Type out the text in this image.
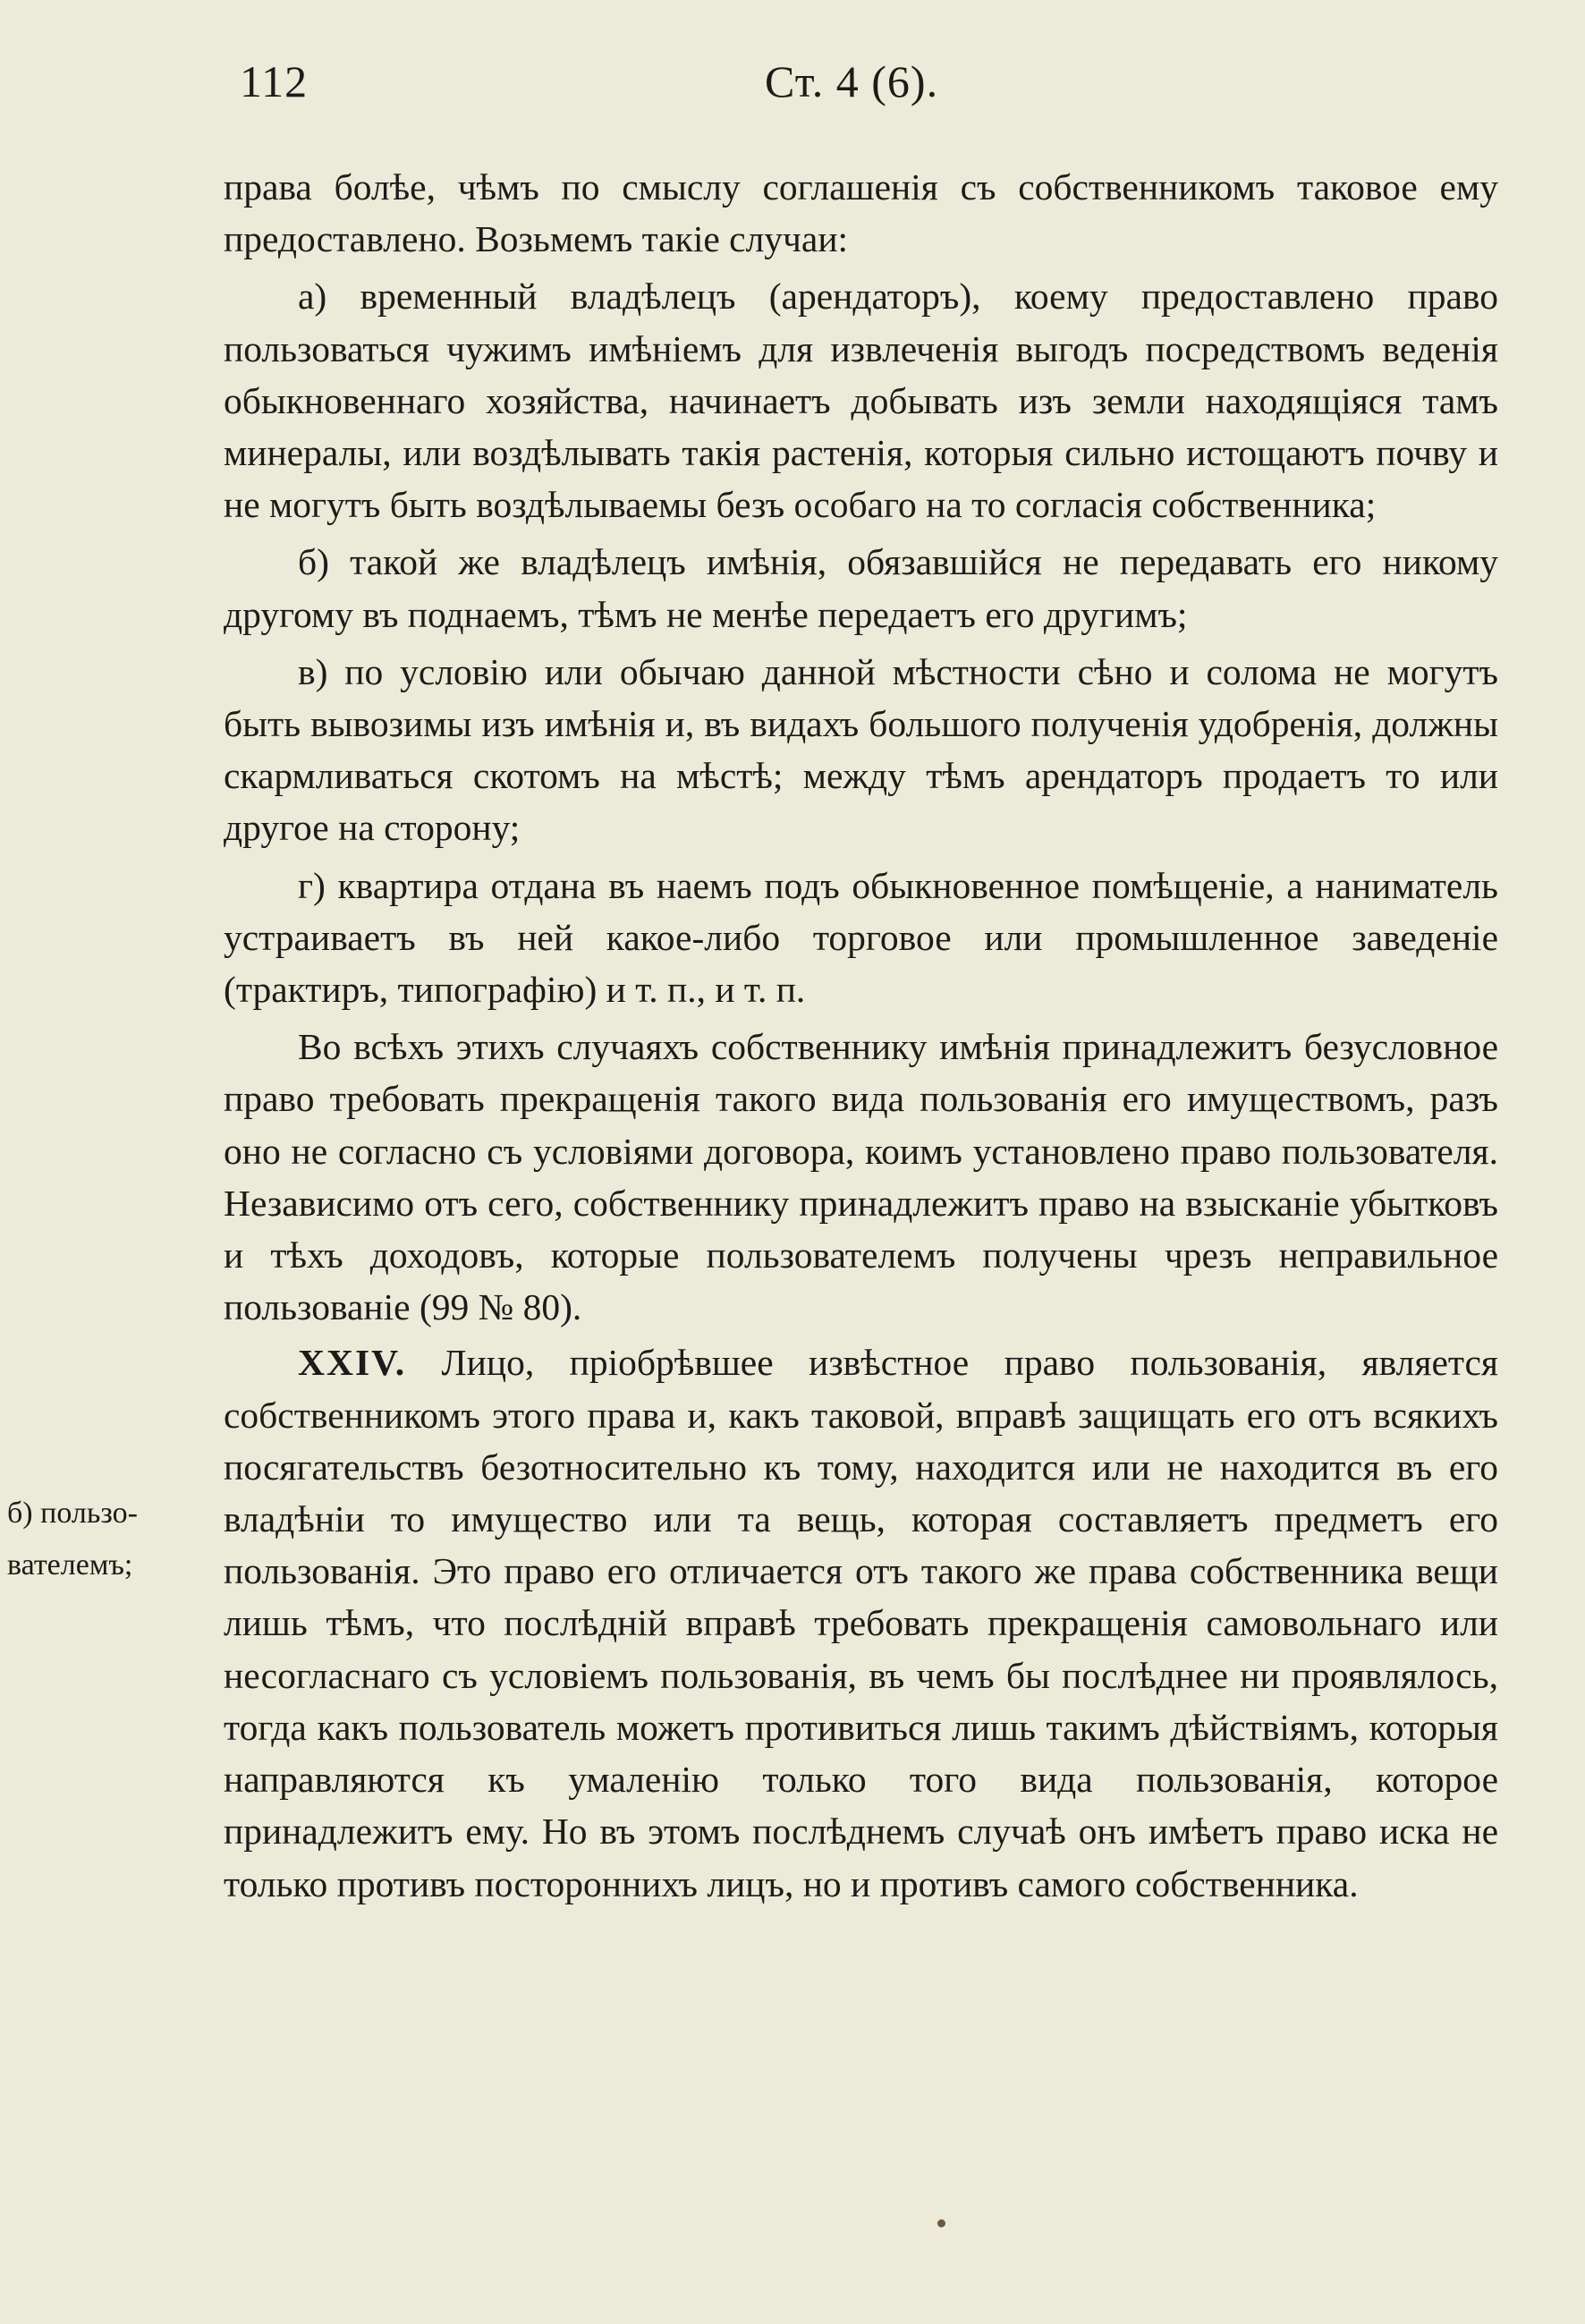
112	Ст. 4 (6).

права болѣе, чѣмъ по смыслу соглашенія съ собственникомъ таковое ему предоставлено. Возьмемъ такіе случаи:

а) временный владѣлецъ (арендаторъ), коему предоставлено право пользоваться чужимъ имѣніемъ для извлеченія выгодъ посредствомъ веденія обыкновеннаго хозяйства, начинаетъ добывать изъ земли находящіяся тамъ минералы, или воздѣлывать такія растенія, которыя сильно истощаютъ почву и не могутъ быть воздѣлываемы безъ особаго на то согласія собственника;

б) такой же владѣлецъ имѣнія, обязавшійся не передавать его никому другому въ поднаемъ, тѣмъ не менѣе передаетъ его другимъ;

в) по условію или обычаю данной мѣстности сѣно и солома не могутъ быть вывозимы изъ имѣнія и, въ видахъ большого полученія удобренія, должны скармливаться скотомъ на мѣстѣ; между тѣмъ арендаторъ продаетъ то или другое на сторону;

г) квартира отдана въ наемъ подъ обыкновенное помѣщеніе, а наниматель устраиваетъ въ ней какое-либо торговое или промышленное заведеніе (трактиръ, типографію) и т. п., и т. п.

Во всѣхъ этихъ случаяхъ собственнику имѣнія принадлежитъ безусловное право требовать прекращенія такого вида пользованія его имуществомъ, разъ оно не согласно съ условіями договора, коимъ установлено право пользователя. Независимо отъ сего, собственнику принадлежитъ право на взысканіе убытковъ и тѣхъ доходовъ, которые пользователемъ получены чрезъ неправильное пользованіе (99 № 80).

XXIV. Лицо, пріобрѣвшее извѣстное право пользованія, является собственникомъ этого права и, какъ таковой, вправѣ защищать его отъ всякихъ посягательствъ безотносительно къ тому, находится или не находится въ его владѣніи то имущество или та вещь, которая составляетъ предметъ его пользованія. Это право его отличается отъ такого же права собственника вещи лишь тѣмъ, что послѣдній вправѣ требовать прекращенія самовольнаго или несогласнаго съ условіемъ пользованія, въ чемъ бы послѣднее ни проявлялось, тогда какъ пользователь можетъ противиться лишь такимъ дѣйствіямъ, которыя направляются къ умаленію только того вида пользованія, которое принадлежитъ ему. Но въ этомъ послѣднемъ случаѣ онъ имѣетъ право иска не только противъ постороннихъ лицъ, но и противъ самого собственника.

б) пользо-
вателемъ;
